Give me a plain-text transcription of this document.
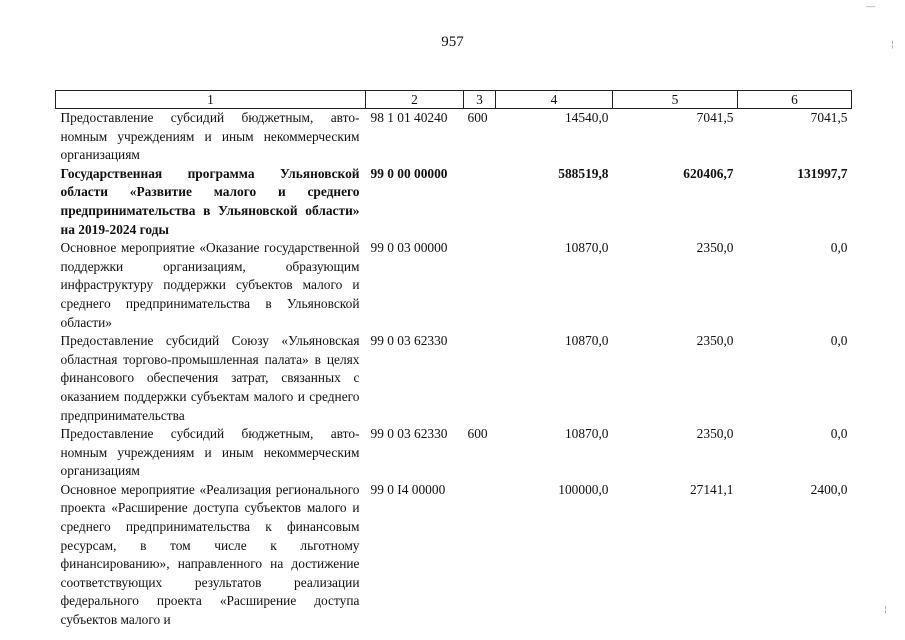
957
1	2	3	4	5	6
Предоставление субсидий бюджетным, автономным учреждениям и иным некоммерческим организациям	98 1 01 40240	600	14540,0	7041,5	7041,5
Государственная программа Ульяновской области «Развитие малого и среднего предпринимательства в Ульяновской области» на 2019-2024 годы	99 0 00 00000		588519,8	620406,7	131997,7
Основное мероприятие «Оказание государственной поддержки организациям, образующим инфраструктуру поддержки субъектов малого и среднего предпринимательства в Ульяновской области»	99 0 03 00000		10870,0	2350,0	0,0
Предоставление субсидий Союзу «Ульяновская областная торгово-промышленная палата» в целях финансового обеспечения затрат, связанных с оказанием поддержки субъектам малого и среднего предпринимательства	99 0 03 62330		10870,0	2350,0	0,0
Предоставление субсидий бюджетным, автономным учреждениям и иным некоммерческим организациям	99 0 03 62330	600	10870,0	2350,0	0,0
Основное мероприятие «Реализация регионального проекта «Расширение доступа субъектов малого и среднего предпринимательства к финансовым ресурсам, в том числе к льготному финансированию», направленного на достижение соответствующих результатов реализации федерального проекта «Расширение доступа субъектов малого и	99 0 I4 00000		100000,0	27141,1	2400,0
‾‾
¦
¦
